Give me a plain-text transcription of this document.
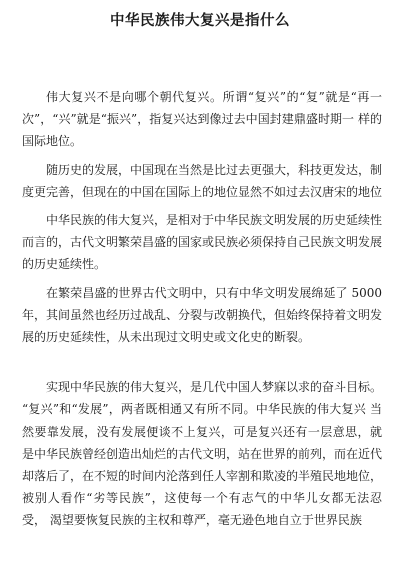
中华民族伟大复兴是指什么

伟大复兴不是向哪个朝代复兴。所谓“复兴”的“复”就是“再一次”，“兴”就是“振兴”，指复兴达到像过去中国封建鼎盛时期一 样的国际地位。

随历史的发展，中国现在当然是比过去更强大，科技更发达，制度更完善，但现在的中国在国际上的地位显然不如过去汉唐宋的地位

中华民族的伟大复兴，是相对于中华民族文明发展的历史延续性而言的，古代文明繁荣昌盛的国家或民族必须保持自己民族文明发展的历史延续性。

在繁荣昌盛的世界古代文明中，只有中华文明发展绵延了 5000年，其间虽然也经历过战乱、分裂与改朝换代，但始终保持着文明发展的历史延续性，从未出现过文明史或文化史的断裂。

实现中华民族的伟大复兴，是几代中国人梦寐以求的奋斗目标。 “复兴”和“发展”，两者既相通又有所不同。中华民族的伟大复兴 当然要靠发展，没有发展便谈不上复兴，可是复兴还有一层意思，就 是中华民族曾经创造出灿烂的古代文明，站在世界的前列，而在近代 却落后了，在不短的时间内沦落到任人宰割和欺凌的半殖民地地位， 被别人看作“劣等民族”，这使每一个有志气的中华儿女都无法忍受， 渴望要恢复民族的主权和尊严，毫无逊色地自立于世界民族
